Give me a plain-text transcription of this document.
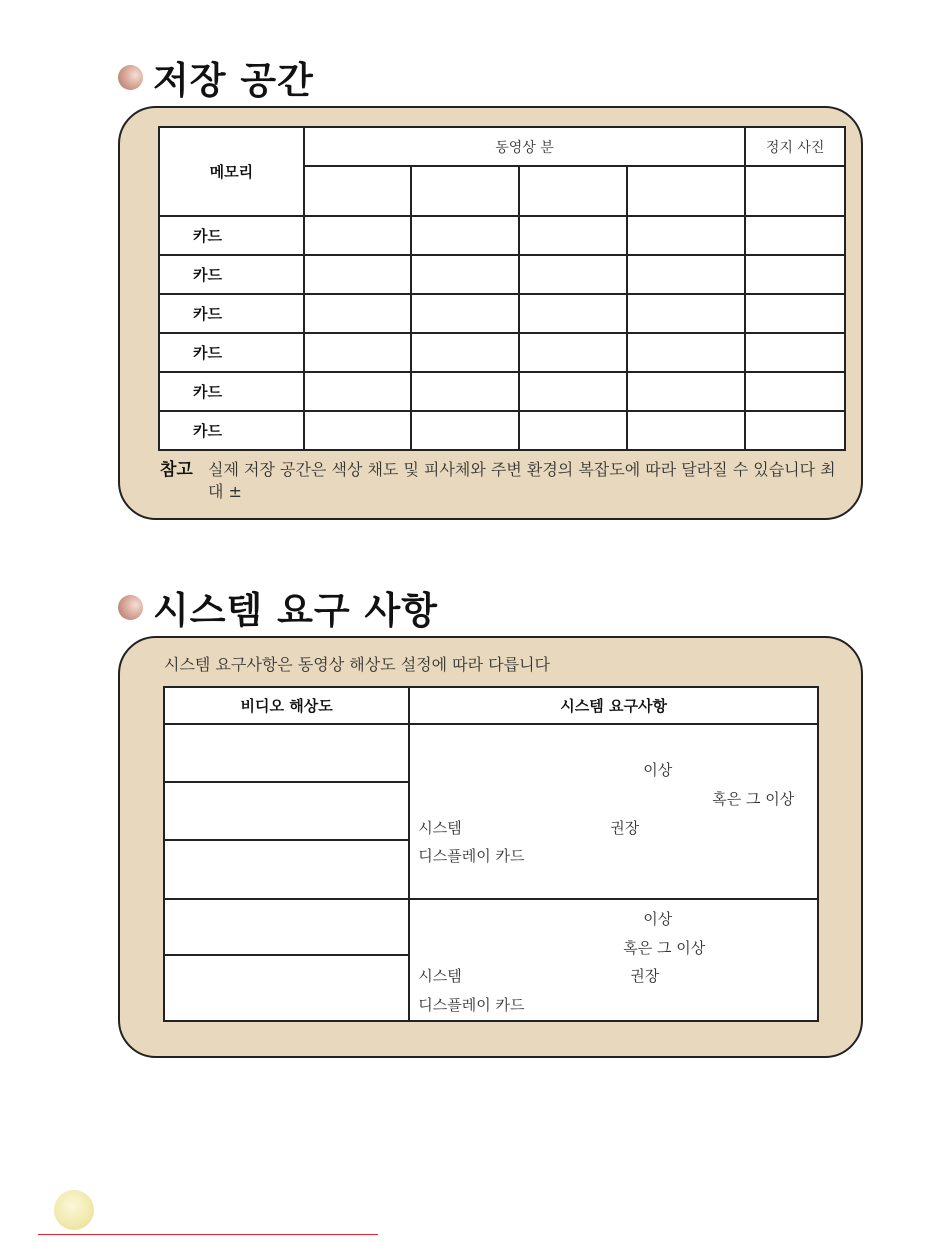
저장 공간
메모리	동영상 분				정지 사진

카드					
카드					
카드					
카드					
카드					
카드					
참고 실제 저장 공간은 색상 채도 및 피사체와 주변 환경의 복잡도에 따라 달라질 수 있습니다 최대 ±
시스템 요구 사항
시스템 요구사항은 동영상 해상도 설정에 따라 다릅니다
비디오 해상도	시스템 요구사항

	이상
혹은 그 이상
시스템 권장
디스플레이 카드

	이상
혹은 그 이상
시스템 권장
디스플레이 카드
